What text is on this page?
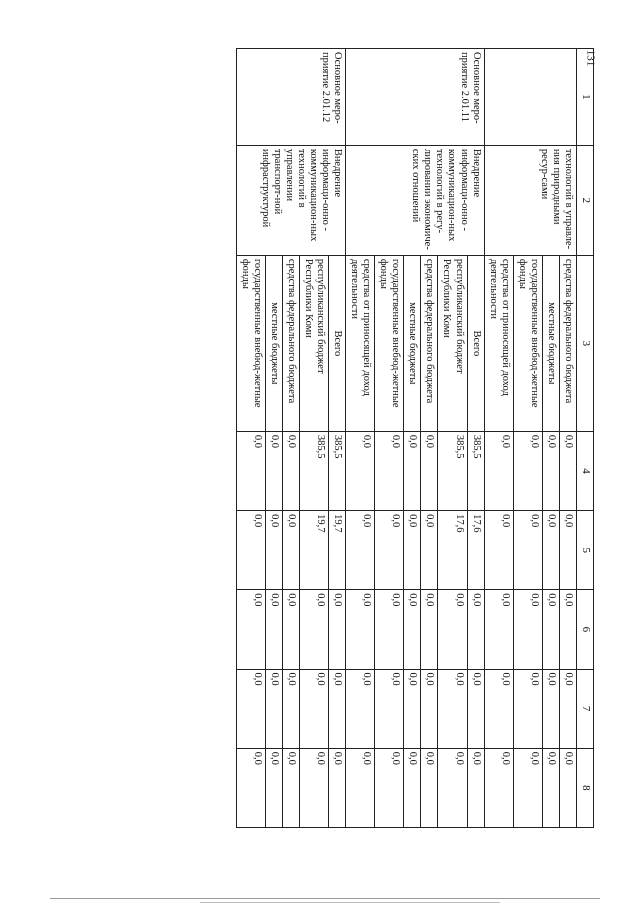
131
1	2	3	4	5	6	7	8
	технологий в управле-ния природными ресур-сами	средства федерального бюджета	0,0	0,0	0,0	0,0	0,0
		местные бюджеты	0,0	0,0	0,0	0,0	0,0
		государственные внебюд-жетные фонды	0,0	0,0	0,0	0,0	0,0
		средства от приносящей доход деятельности	0,0	0,0	0,0	0,0	0,0
Основное меро-приятие 2.01.11	Внедрение информаци-онно - коммуникацион-ных технологий в регу-лировании экономиче-ских отношений	Всего	385,5	17,6	0,0	0,0	0,0
		республиканский бюджет Республики Коми	385,5	17,6	0,0	0,0	0,0
		средства федерального бюджета	0,0	0,0	0,0	0,0	0,0
		местные бюджеты	0,0	0,0	0,0	0,0	0,0
		государственные внебюд-жетные фонды	0,0	0,0	0,0	0,0	0,0
		средства от приносящей доход деятельности	0,0	0,0	0,0	0,0	0,0
Основное меро-приятие 2.01.12	Внедрение информаци-онно - коммуникацион-ных технологий в управлении транспорт-ной инфраструктурой	Всего	385,5	19,7	0,0	0,0	0,0
		республиканский бюджет Республики Коми	385,5	19,7	0,0	0,0	0,0
		средства федерального бюджета	0,0	0,0	0,0	0,0	0,0
		местные бюджеты	0,0	0,0	0,0	0,0	0,0
		государственные внебюд-жетные фонды	0,0	0,0	0,0	0,0	0,0
